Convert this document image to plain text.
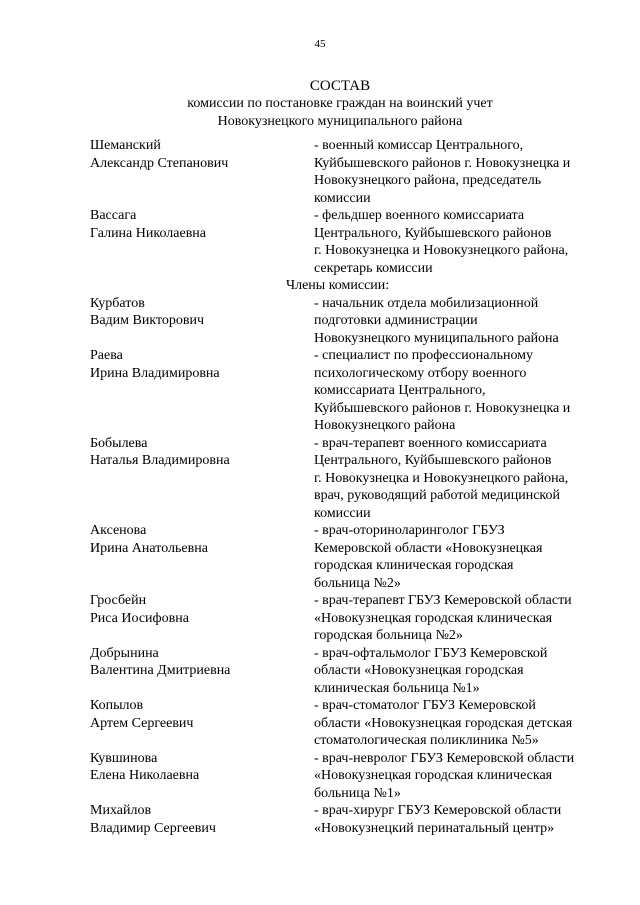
45
СОСТАВ
комиссии по постановке граждан на воинский учет
Новокузнецкого муниципального района
Шеманский
Александр Степанович
- военный комиссар Центрального,
Куйбышевского районов г. Новокузнецка и
Новокузнецкого района, председатель
комиссии
Вассага
Галина Николаевна
- фельдшер военного комиссариата
Центрального, Куйбышевского районов
г. Новокузнецка и Новокузнецкого района,
секретарь комиссии
Члены комиссии:
Курбатов
Вадим Викторович
- начальник отдела мобилизационной
подготовки администрации
Новокузнецкого муниципального района
Раева
Ирина Владимировна
- специалист по профессиональному
психологическому отбору военного
комиссариата Центрального,
Куйбышевского районов г. Новокузнецка и
Новокузнецкого района
Бобылева
Наталья Владимировна
- врач-терапевт военного комиссариата
Центрального, Куйбышевского районов
г. Новокузнецка и Новокузнецкого района,
врач, руководящий работой медицинской
комиссии
Аксенова
Ирина Анатольевна
- врач-оториноларинголог ГБУЗ
Кемеровской области «Новокузнецкая
городская клиническая городская
больница №2»
Гросбейн
Риса Иосифовна
- врач-терапевт ГБУЗ Кемеровской области
«Новокузнецкая городская клиническая
городская больница №2»
Добрынина
Валентина Дмитриевна
- врач-офтальмолог ГБУЗ Кемеровской
области «Новокузнецкая городская
клиническая больница №1»
Копылов
Артем Сергеевич
- врач-стоматолог ГБУЗ Кемеровской
области «Новокузнецкая городская детская
стоматологическая поликлиника №5»
Кувшинова
Елена Николаевна
- врач-невролог ГБУЗ Кемеровской области
«Новокузнецкая городская клиническая
больница №1»
Михайлов
Владимир Сергеевич
- врач-хирург ГБУЗ Кемеровской области
«Новокузнецкий перинатальный центр»
